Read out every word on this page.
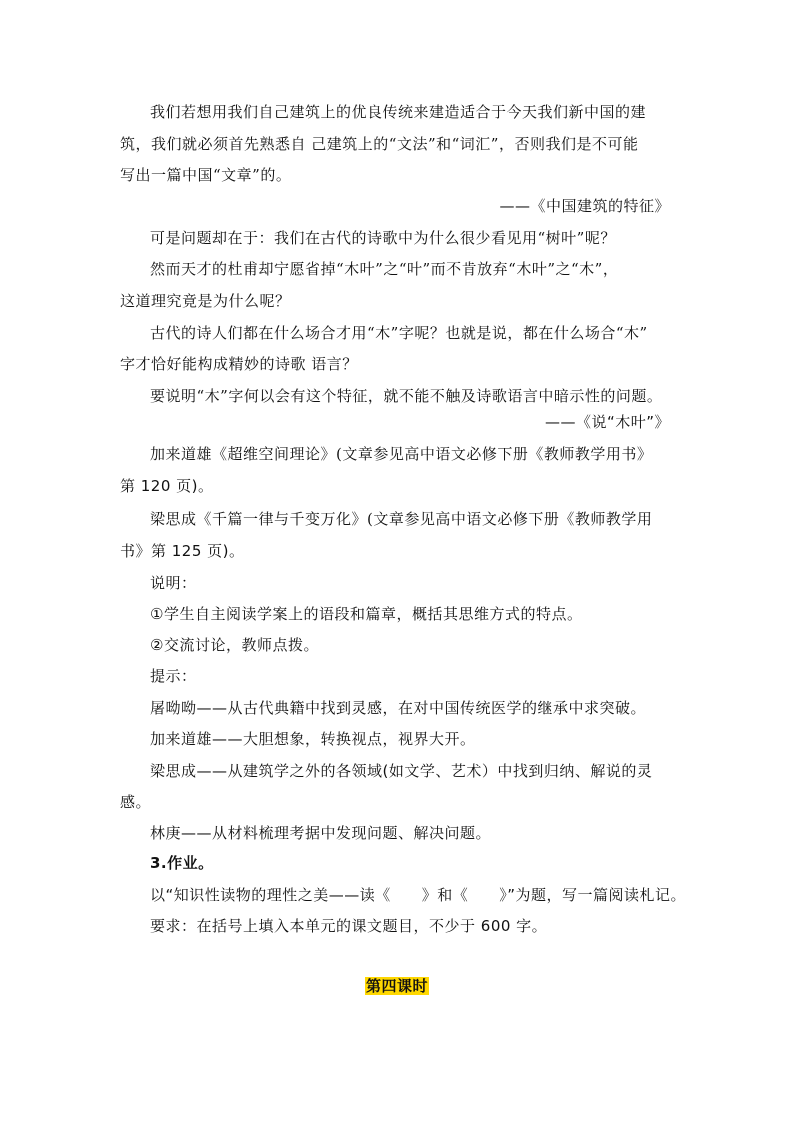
我们若想用我们自己建筑上的优良传统来建造适合于今天我们新中国的建
筑，我们就必须首先熟悉自 己建筑上的“文法”和“词汇”，否则我们是不可能
写出一篇中国“文章”的。
——《中国建筑的特征》
可是问题却在于：我们在古代的诗歌中为什么很少看见用“树叶”呢？
然而天才的杜甫却宁愿省掉“木叶”之“叶”而不肯放弃“木叶”之“木”，
这道理究竟是为什么呢？
古代的诗人们都在什么场合才用“木”字呢？也就是说，都在什么场合“木”
字才恰好能构成精妙的诗歌 语言？
要说明“木”字何以会有这个特征，就不能不触及诗歌语言中暗示性的问题。
——《说“木叶”》
加来道雄《超维空间理论》(文章参见高中语文必修下册《教师教学用书》
第 120 页)。
梁思成《千篇一律与千变万化》(文章参见高中语文必修下册《教师教学用
书》第 125 页)。
说明：
①学生自主阅读学案上的语段和篇章，概括其思维方式的特点。
②交流讨论，教师点拨。
提示：
屠呦呦——从古代典籍中找到灵感，在对中国传统医学的继承中求突破。
加来道雄——大胆想象，转换视点，视界大开。
梁思成——从建筑学之外的各领域(如文学、艺术）中找到归纳、解说的灵
感。
林庚——从材料梳理考据中发现问题、解决问题。
3.作业。
以“知识性读物的理性之美——读《　　》和《　　》”为题，写一篇阅读札记。
要求：在括号上填入本单元的课文题目，不少于 600 字。
第四课时
